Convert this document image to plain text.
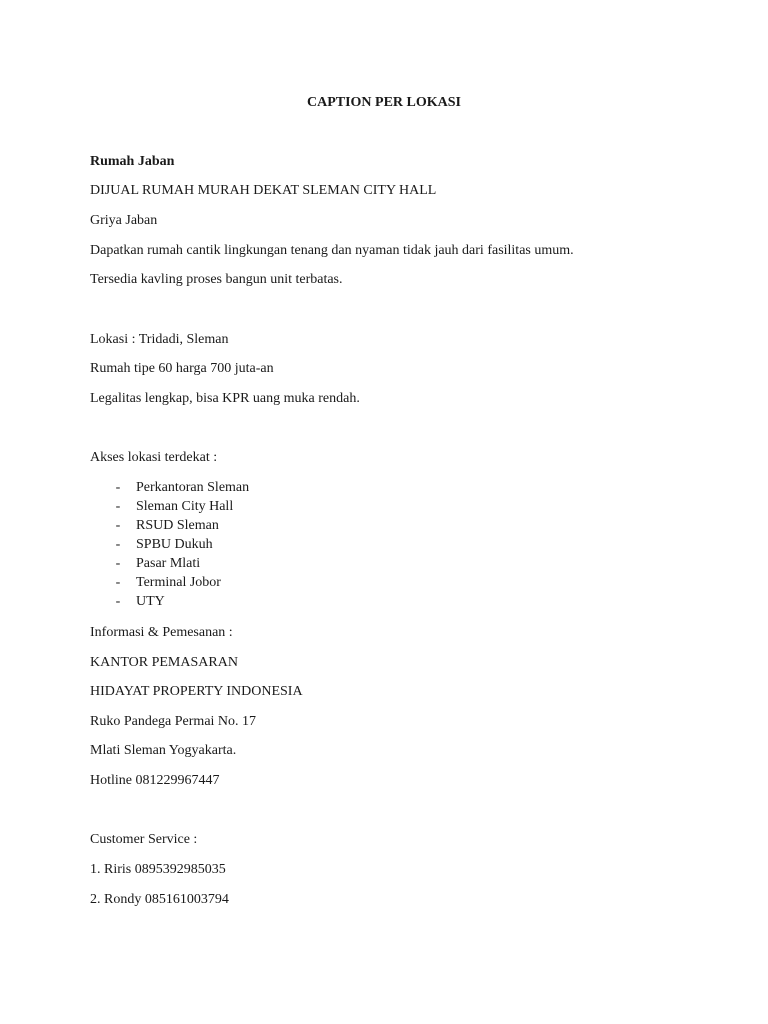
CAPTION PER LOKASI
Rumah Jaban
DIJUAL RUMAH MURAH DEKAT SLEMAN CITY HALL
Griya Jaban
Dapatkan rumah cantik lingkungan tenang dan nyaman tidak jauh dari fasilitas umum.
Tersedia kavling proses bangun unit terbatas.
Lokasi : Tridadi, Sleman
Rumah tipe 60 harga 700 juta-an
Legalitas lengkap, bisa KPR uang muka rendah.
Akses lokasi terdekat :
- Perkantoran Sleman
- Sleman City Hall
- RSUD Sleman
- SPBU Dukuh
- Pasar Mlati
- Terminal Jobor
- UTY
Informasi & Pemesanan :
KANTOR PEMASARAN
HIDAYAT PROPERTY INDONESIA
Ruko Pandega Permai No. 17
Mlati Sleman Yogyakarta.
Hotline 081229967447
Customer Service :
1. Riris 0895392985035
2. Rondy 085161003794
